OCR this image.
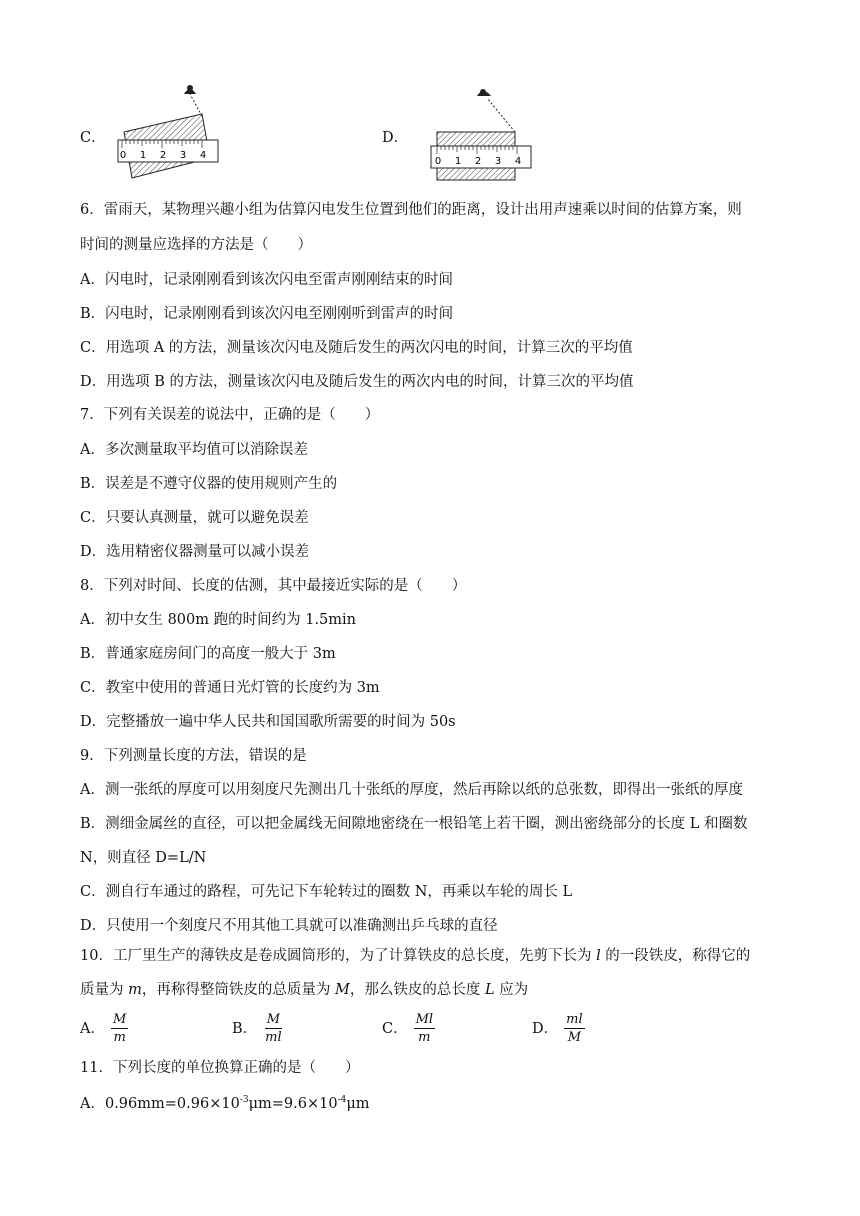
C．
0 1 2 3 4
D．
0 1 2 3 4
6．雷雨天，某物理兴趣小组为估算闪电发生位置到他们的距离，设计出用声速乘以时间的估算方案，则
时间的测量应选择的方法是（　　）
A．闪电时，记录刚刚看到该次闪电至雷声刚刚结束的时间
B．闪电时，记录刚刚看到该次闪电至刚刚听到雷声的时间
C．用选项 A 的方法，测量该次闪电及随后发生的两次闪电的时间，计算三次的平均值
D．用选项 B 的方法，测量该次闪电及随后发生的两次内电的时间，计算三次的平均值
7．下列有关误差的说法中，正确的是（　　）
A．多次测量取平均值可以消除误差
B．误差是不遵守仪器的使用规则产生的
C．只要认真测量，就可以避免误差
D．选用精密仪器测量可以减小误差
8．下列对时间、长度的估测，其中最接近实际的是（　　）
A．初中女生 800m 跑的时间约为 1.5min
B．普通家庭房间门的高度一般大于 3m
C．教室中使用的普通日光灯管的长度约为 3m
D．完整播放一遍中华人民共和国国歌所需要的时间为 50s
9．下列测量长度的方法，错误的是
A．测一张纸的厚度可以用刻度尺先测出几十张纸的厚度，然后再除以纸的总张数，即得出一张纸的厚度
B．测细金属丝的直径，可以把金属线无间隙地密绕在一根铅笔上若干圈，测出密绕部分的长度 L 和圈数
N，则直径 D=L/N
C．测自行车通过的路程，可先记下车轮转过的圈数 N，再乘以车轮的周长 L
D．只使用一个刻度尺不用其他工具就可以准确测出乒乓球的直径
10．工厂里生产的薄铁皮是卷成圆筒形的，为了计算铁皮的总长度，先剪下长为 l 的一段铁皮，称得它的
质量为 m，再称得整筒铁皮的总质量为 M，那么铁皮的总长度 L 应为
A． $\frac{M}{m}$	B． $\frac{M}{ml}$	C． $\frac{Ml}{m}$	D． $\frac{ml}{M}$
11．下列长度的单位换算正确的是（　　）
A．$0.96mm=0.96\times 10^{-3}\mu m=9.6\times 10^{-4}\mu m$
